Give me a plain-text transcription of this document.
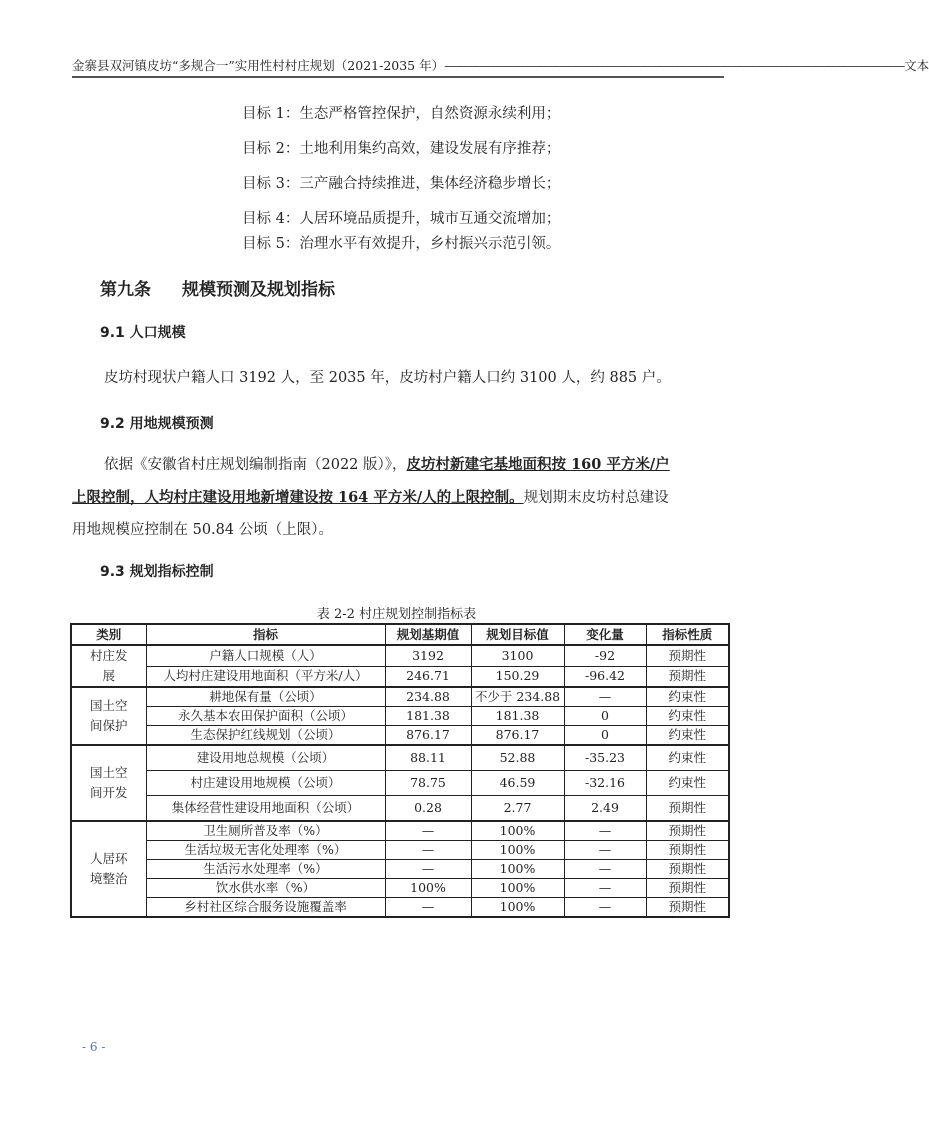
金寨县双河镇皮坊“多规合一”实用性村村庄规划（2021-2035 年） ———————————————————————————————————————— 文本
目标 1：生态严格管控保护，自然资源永续利用；
目标 2：土地利用集约高效，建设发展有序推荐；
目标 3：三产融合持续推进，集体经济稳步增长；
目标 4：人居环境品质提升，城市互通交流增加；
目标 5：治理水平有效提升，乡村振兴示范引领。
第九条 规模预测及规划指标
9.1 人口规模
皮坊村现状户籍人口 3192 人，至 2035 年，皮坊村户籍人口约 3100 人，约 885 户。
9.2 用地规模预测
依据《安徽省村庄规划编制指南（2022 版）》，皮坊村新建宅基地面积按 160 平方米/户
上限控制，人均村庄建设用地新增建设按 164 平方米/人的上限控制。规划期末皮坊村总建设
用地规模应控制在 50.84 公顷（上限）。
9.3 规划指标控制
表 2-2 村庄规划控制指标表
类别	指标	规划基期值	规划目标值	变化量	指标性质
村庄发展	户籍人口规模（人）	3192	3100	-92	预期性
	人均村庄建设用地面积（平方米/人）	246.71	150.29	-96.42	预期性
国土空间保护	耕地保有量（公顷）	234.88	不少于 234.88	—	约束性
	永久基本农田保护面积（公顷）	181.38	181.38	0	约束性
	生态保护红线规划（公顷）	876.17	876.17	0	约束性
国土空间开发	建设用地总规模（公顷）	88.11	52.88	-35.23	约束性
	村庄建设用地规模（公顷）	78.75	46.59	-32.16	约束性
	集体经营性建设用地面积（公顷）	0.28	2.77	2.49	预期性
人居环境整治	卫生厕所普及率（%）	—	100%	—	预期性
	生活垃圾无害化处理率（%）	—	100%	—	预期性
	生活污水处理率（%）	—	100%	—	预期性
	饮水供水率（%）	100%	100%	—	预期性
	乡村社区综合服务设施覆盖率	—	100%	—	预期性
- 6 -
